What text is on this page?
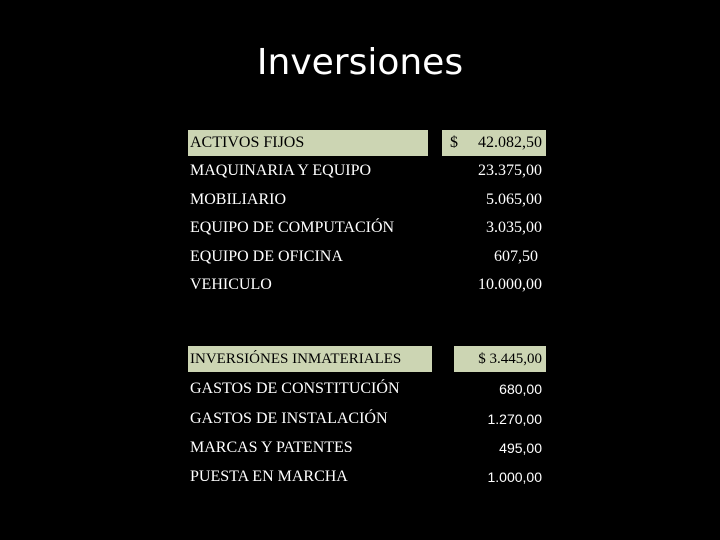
Inversiones
ACTIVOS FIJOS	$ 42.082,50
MAQUINARIA Y EQUIPO	23.375,00
MOBILIARIO	5.065,00
EQUIPO DE COMPUTACIÓN	3.035,00
EQUIPO DE OFICINA	607,50
VEHICULO	10.000,00
INVERSIÓNES INMATERIALES	$ 3.445,00
GASTOS DE CONSTITUCIÓN	680,00
GASTOS DE INSTALACIÓN	1.270,00
MARCAS Y PATENTES	495,00
PUESTA EN MARCHA	1.000,00
